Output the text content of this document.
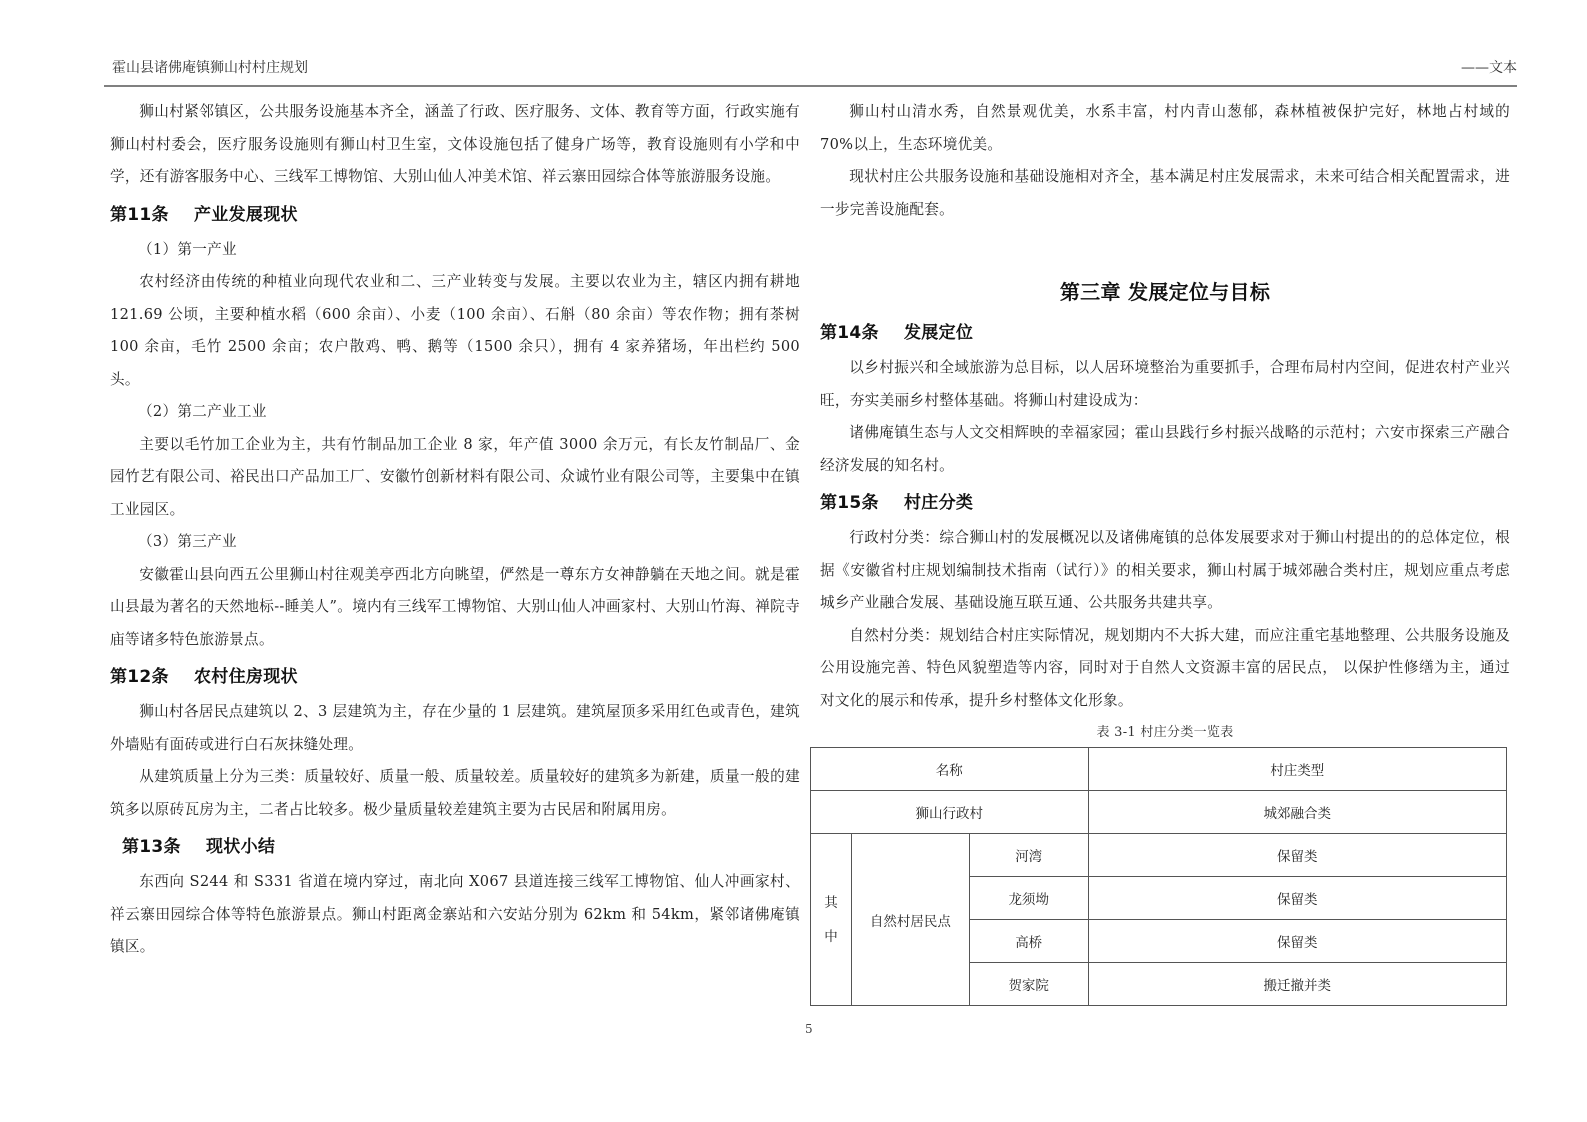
霍山县诸佛庵镇狮山村村庄规划	——文本

狮山村紧邻镇区，公共服务设施基本齐全，涵盖了行政、医疗服务、文体、教育等方面，行政实施有狮山村村委会，医疗服务设施则有狮山村卫生室，文体设施包括了健身广场等，教育设施则有小学和中学，还有游客服务中心、三线军工博物馆、大别山仙人冲美术馆、祥云寨田园综合体等旅游服务设施。

第11条 产业发展现状

（1）第一产业

农村经济由传统的种植业向现代农业和二、三产业转变与发展。主要以农业为主，辖区内拥有耕地 121.69 公顷，主要种植水稻（600 余亩）、小麦（100 余亩）、石斛（80 余亩）等农作物；拥有茶树 100 余亩，毛竹 2500 余亩；农户散鸡、鸭、鹅等（1500 余只），拥有 4 家养猪场，年出栏约 500 头。

（2）第二产业工业

主要以毛竹加工企业为主，共有竹制品加工企业 8 家，年产值 3000 余万元，有长友竹制品厂、金园竹艺有限公司、裕民出口产品加工厂、安徽竹创新材料有限公司、众诚竹业有限公司等，主要集中在镇工业园区。

（3）第三产业

安徽霍山县向西五公里狮山村往观美亭西北方向眺望，俨然是一尊东方女神静躺在天地之间。就是霍山县最为著名的天然地标--睡美人”。境内有三线军工博物馆、大别山仙人冲画家村、大别山竹海、禅院寺庙等诸多特色旅游景点。

第12条 农村住房现状

狮山村各居民点建筑以 2、3 层建筑为主，存在少量的 1 层建筑。建筑屋顶多采用红色或青色，建筑外墙贴有面砖或进行白石灰抹缝处理。

从建筑质量上分为三类：质量较好、质量一般、质量较差。质量较好的建筑多为新建，质量一般的建筑多以原砖瓦房为主，二者占比较多。极少量质量较差建筑主要为古民居和附属用房。

第13条 现状小结

东西向 S244 和 S331 省道在境内穿过，南北向 X067 县道连接三线军工博物馆、仙人冲画家村、祥云寨田园综合体等特色旅游景点。狮山村距离金寨站和六安站分别为 62km 和 54km，紧邻诸佛庵镇镇区。

狮山村山清水秀，自然景观优美，水系丰富，村内青山葱郁，森林植被保护完好，林地占村域的 70%以上，生态环境优美。

现状村庄公共服务设施和基础设施相对齐全，基本满足村庄发展需求，未来可结合相关配置需求，进一步完善设施配套。

第三章 发展定位与目标
第14条 发展定位

以乡村振兴和全域旅游为总目标，以人居环境整治为重要抓手，合理布局村内空间，促进农村产业兴旺，夯实美丽乡村整体基础。将狮山村建设成为：

诸佛庵镇生态与人文交相辉映的幸福家园；霍山县践行乡村振兴战略的示范村；六安市探索三产融合经济发展的知名村。

第15条 村庄分类

行政村分类：综合狮山村的发展概况以及诸佛庵镇的总体发展要求对于狮山村提出的的总体定位，根据《安徽省村庄规划编制技术指南（试行）》的相关要求，狮山村属于城郊融合类村庄，规划应重点考虑城乡产业融合发展、基础设施互联互通、公共服务共建共享。

自然村分类：规划结合村庄实际情况，规划期内不大拆大建，而应注重宅基地整理、公共服务设施及公用设施完善、特色风貌塑造等内容，同时对于自然人文资源丰富的居民点， 以保护性修缮为主，通过对文化的展示和传承，提升乡村整体文化形象。

表 3-1 村庄分类一览表
名称			村庄类型
狮山行政村			城郊融合类

其
中	自然村居民点	河湾	保留类
		龙须坳	保留类
		高桥	保留类
		贺家院	搬迁撤并类
5
